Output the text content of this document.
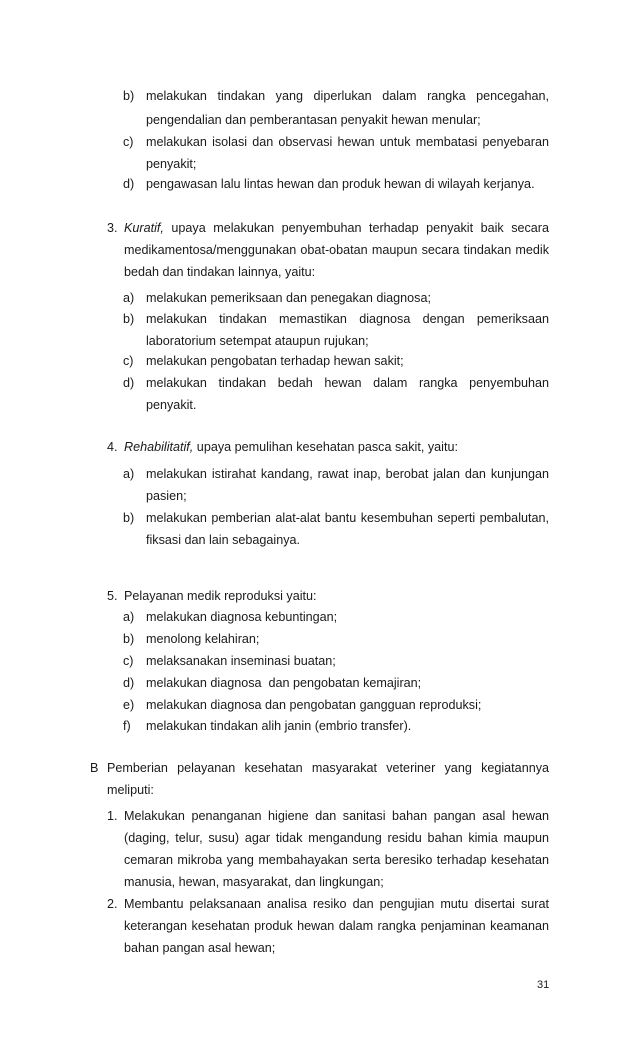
b) melakukan tindakan yang diperlukan dalam rangka pencegahan,
pengendalian dan pemberantasan penyakit hewan menular;
c) melakukan isolasi dan observasi hewan untuk membatasi penyebaran
penyakit;
d) pengawasan lalu lintas hewan dan produk hewan di wilayah kerjanya.
3. Kuratif, upaya melakukan penyembuhan terhadap penyakit baik secara
medikamentosa/menggunakan obat-obatan maupun secara tindakan medik
bedah dan tindakan lainnya, yaitu:
a) melakukan pemeriksaan dan penegakan diagnosa;
b) melakukan tindakan memastikan diagnosa dengan pemeriksaan
laboratorium setempat ataupun rujukan;
c) melakukan pengobatan terhadap hewan sakit;
d) melakukan tindakan bedah hewan dalam rangka penyembuhan
penyakit.
4. Rehabilitatif, upaya pemulihan kesehatan pasca sakit, yaitu:
a) melakukan istirahat kandang, rawat inap, berobat jalan dan kunjungan
pasien;
b) melakukan pemberian alat-alat bantu kesembuhan seperti pembalutan,
fiksasi dan lain sebagainya.
5. Pelayanan medik reproduksi yaitu:
a) melakukan diagnosa kebuntingan;
b) menolong kelahiran;
c) melaksanakan inseminasi buatan;
d) melakukan diagnosa  dan pengobatan kemajiran;
e) melakukan diagnosa dan pengobatan gangguan reproduksi;
f) melakukan tindakan alih janin (embrio transfer).
B Pemberian pelayanan kesehatan masyarakat veteriner yang kegiatannya
meliputi:
1. Melakukan penanganan higiene dan sanitasi bahan pangan asal hewan
(daging, telur, susu) agar tidak mengandung residu bahan kimia maupun
cemaran mikroba yang membahayakan serta beresiko terhadap kesehatan
manusia, hewan, masyarakat, dan lingkungan;
2. Membantu pelaksanaan analisa resiko dan pengujian mutu disertai surat
keterangan kesehatan produk hewan dalam rangka penjaminan keamanan
bahan pangan asal hewan;
31
